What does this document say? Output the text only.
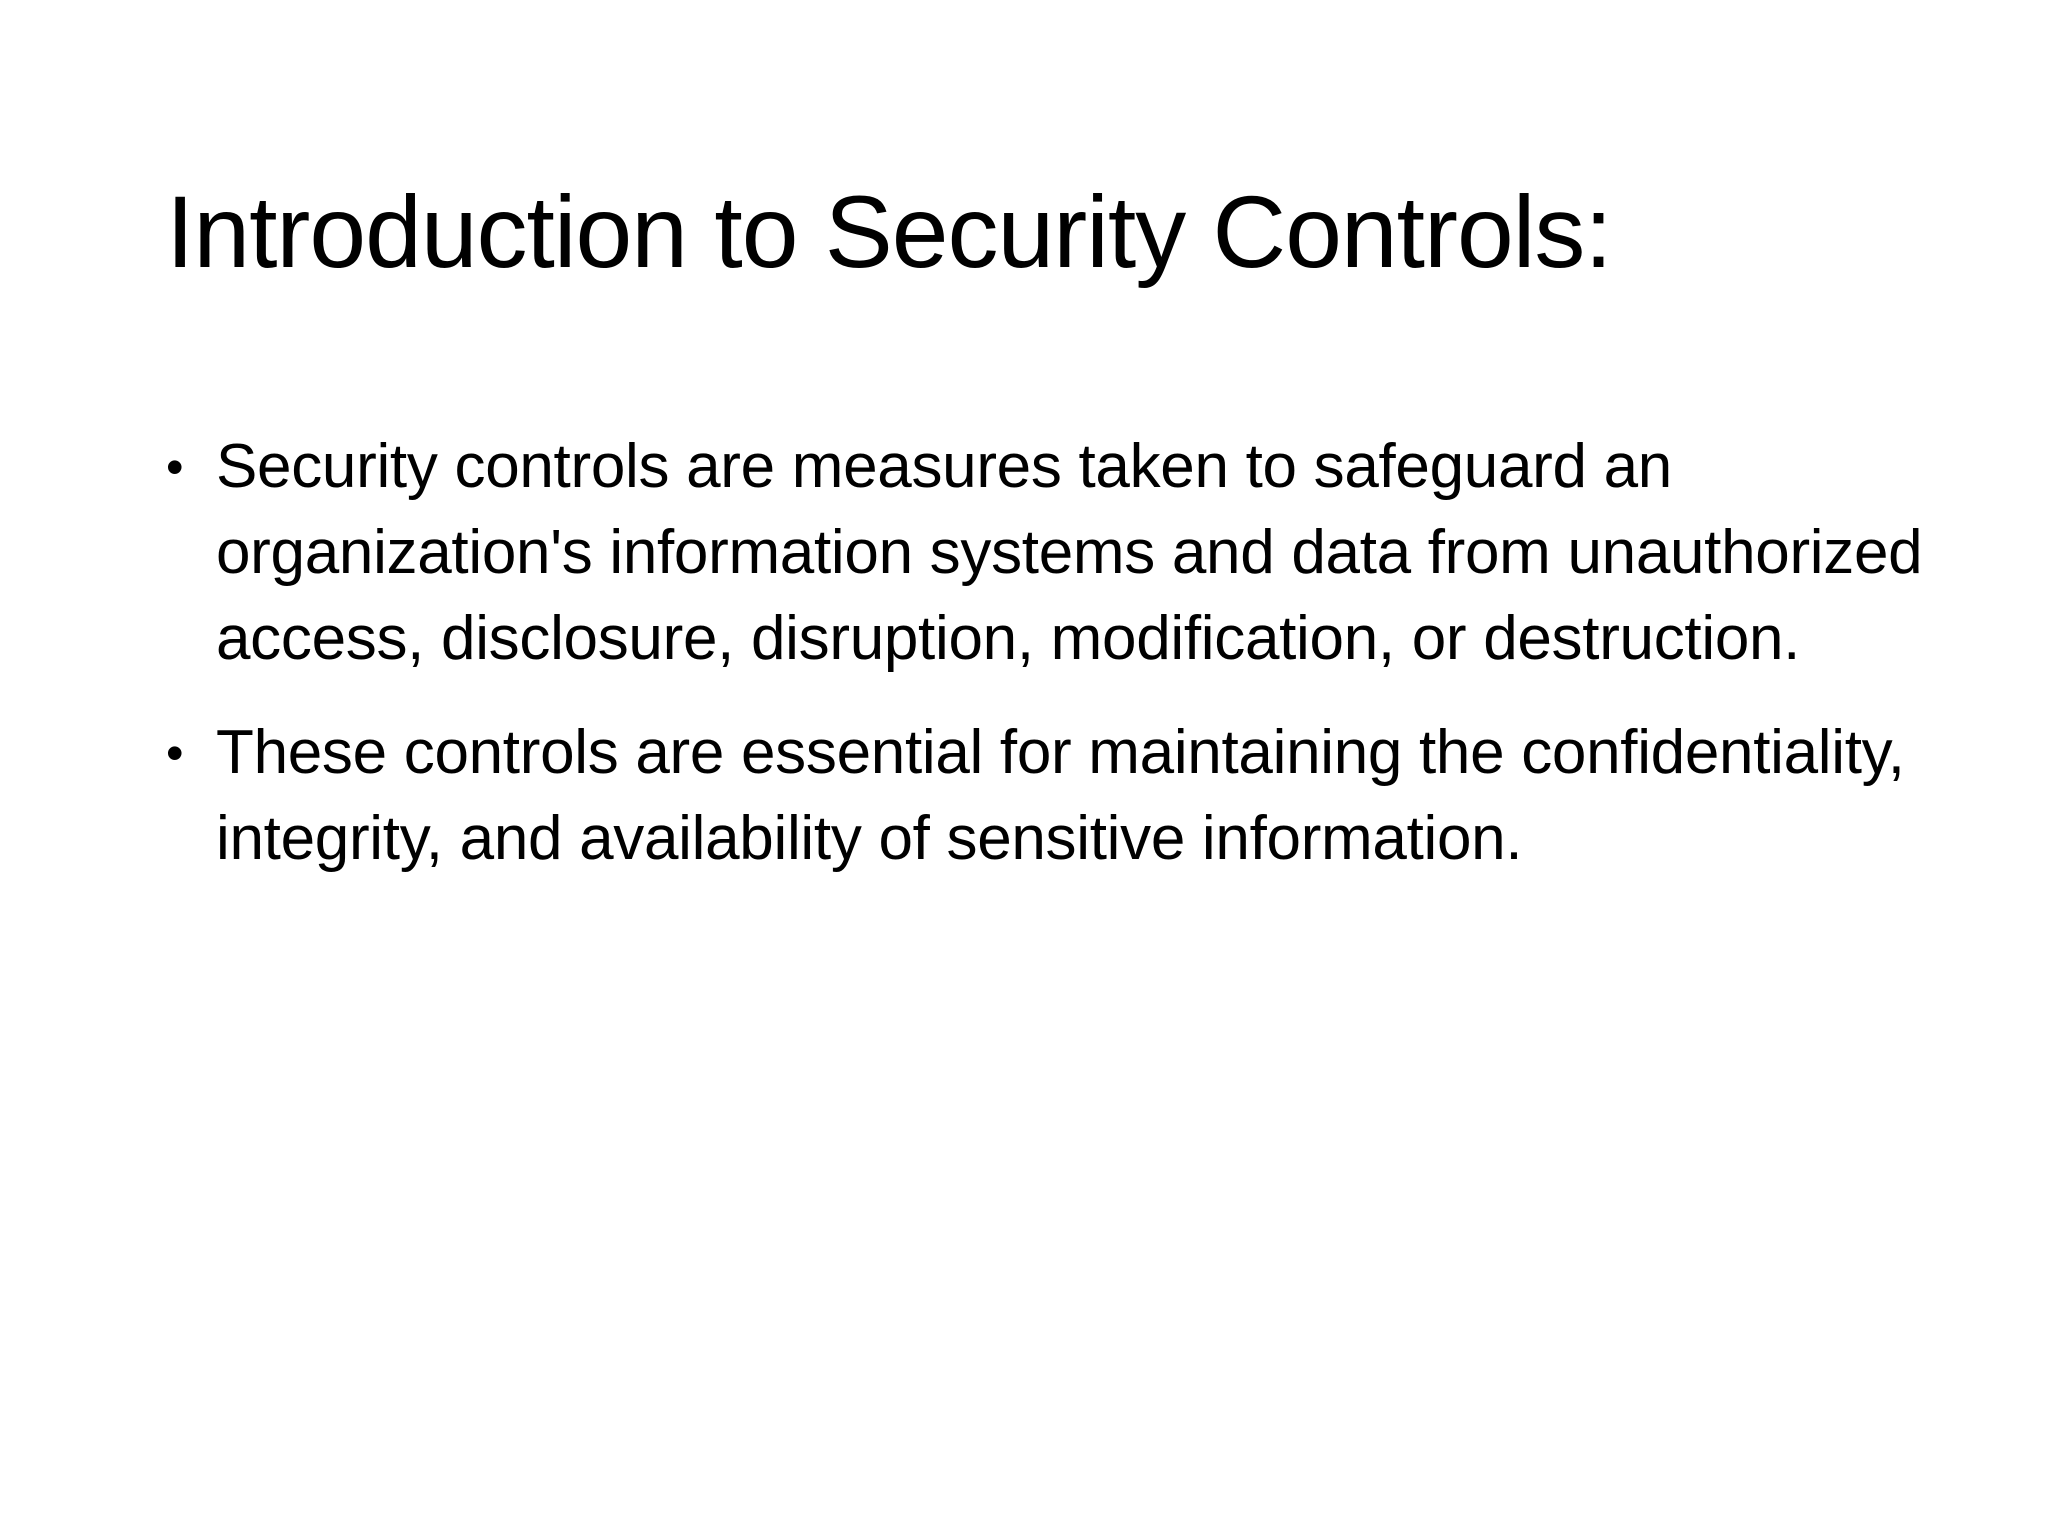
Introduction to Security Controls:
• Security controls are measures taken to safeguard an organization's information systems and data from unauthorized access, disclosure, disruption, modification, or destruction.
• These controls are essential for maintaining the confidentiality, integrity, and availability of sensitive information.
